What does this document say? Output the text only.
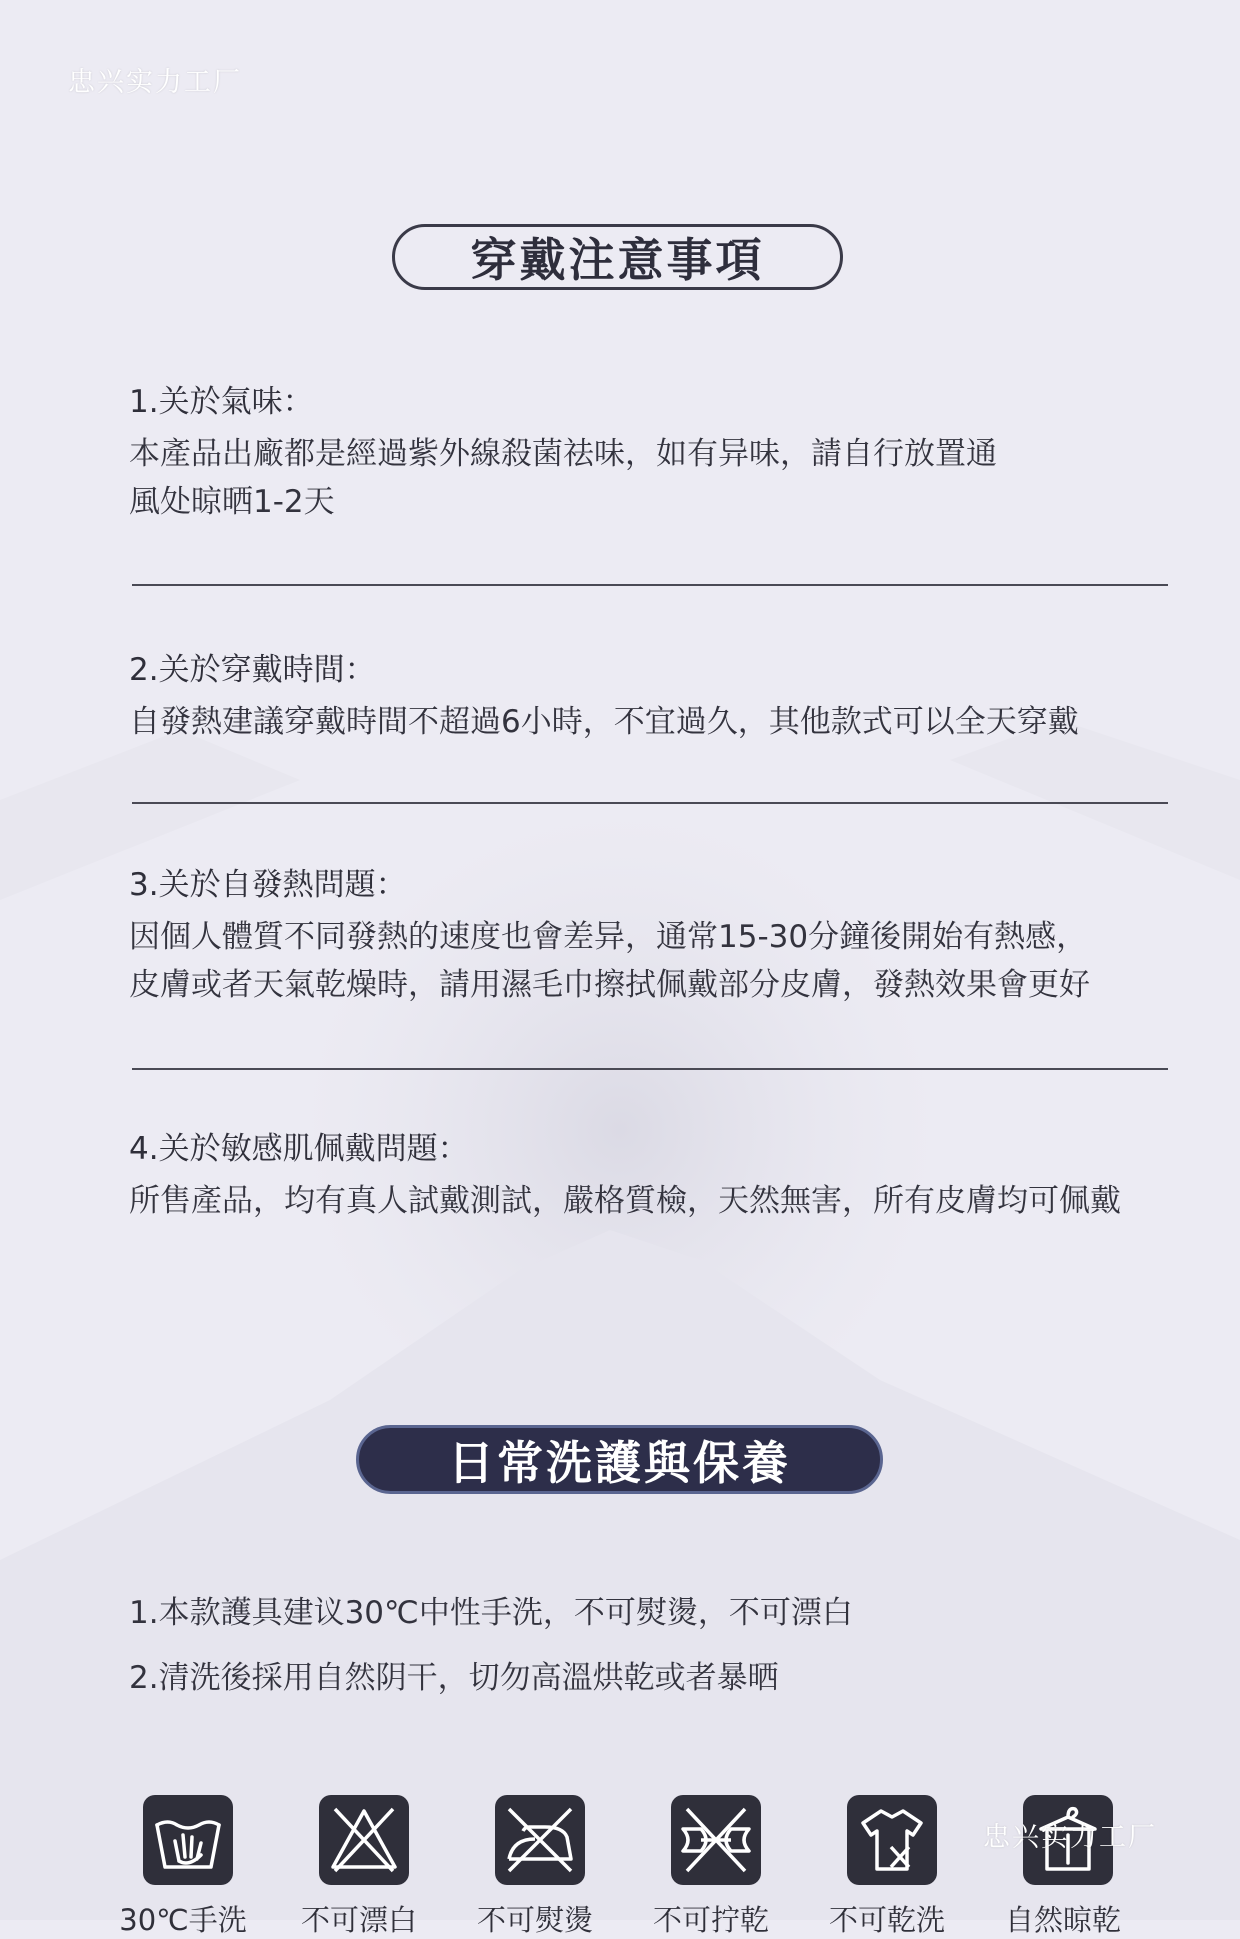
忠兴实力工厂
穿戴注意事項
1.关於氣味：
本產品出廠都是經過紫外線殺菌祛味，如有异味，請自行放置通
風处晾晒1-2天
2.关於穿戴時間：
自發熱建議穿戴時間不超過6小時，不宜過久，其他款式可以全天穿戴
3.关於自發熱問題：
因個人體質不同發熱的速度也會差异，通常15-30分鐘後開始有熱感，
皮膚或者天氣乾燥時，請用濕毛巾擦拭佩戴部分皮膚，發熱效果會更好
4.关於敏感肌佩戴問題：
所售產品，均有真人試戴測試，嚴格質檢，天然無害，所有皮膚均可佩戴
日常洗護與保養
1.本款護具建议30℃中性手洗，不可熨燙，不可漂白
2.清洗後採用自然阴干，切勿高溫烘乾或者暴晒
30℃手洗	不可漂白	不可熨燙	不可拧乾	不可乾洗	自然晾乾
忠兴实力工厂
